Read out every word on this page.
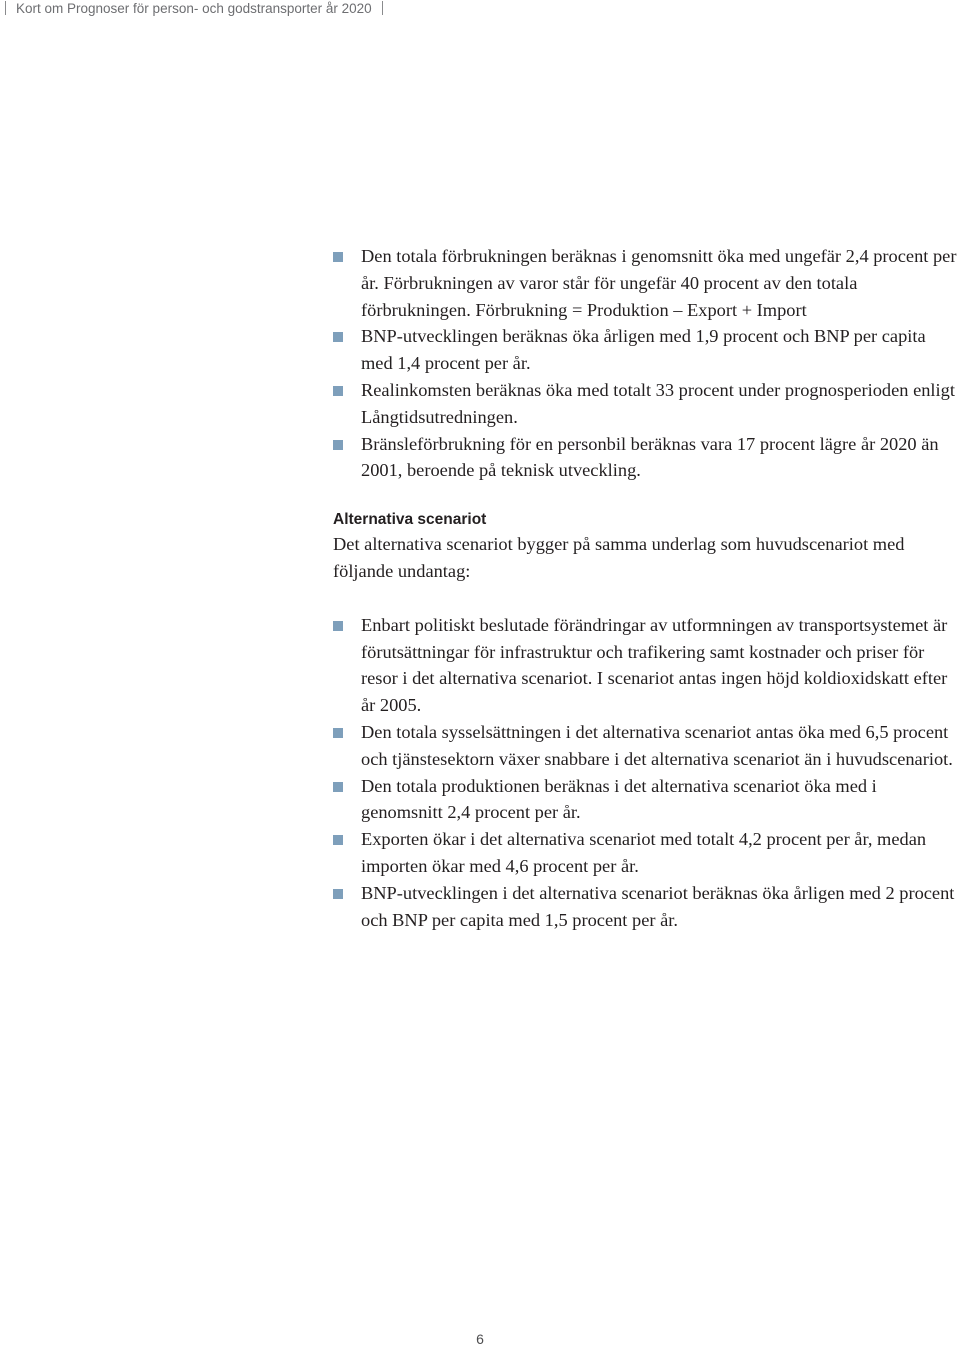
Kort om Prognoser för person- och godstransporter år 2020
Den totala förbrukningen beräknas i genomsnitt öka med ungefär 2,4 procent per år. Förbrukningen av varor står för ungefär 40 procent av den totala förbrukningen. Förbrukning = Produktion – Export + Import
BNP-utvecklingen beräknas öka årligen med 1,9 procent och BNP per capita med 1,4 procent per år.
Realinkomsten beräknas öka med totalt 33 procent under prognosperioden enligt Långtidsutredningen.
Bränsleförbrukning för en personbil beräknas vara 17 procent lägre år 2020 än 2001, beroende på teknisk utveckling.
Alternativa scenariot

Det alternativa scenariot bygger på samma underlag som huvudscenariot med följande undantag:

Enbart politiskt beslutade förändringar av utformningen av transportsystemet är förutsättningar för infrastruktur och trafikering samt kostnader och priser för resor i det alternativa scenariot. I scenariot antas ingen höjd koldioxidskatt efter år 2005.
Den totala sysselsättningen i det alternativa scenariot antas öka med 6,5 procent och tjänstesektorn växer snabbare i det alternativa scenariot än i huvudscenariot.
Den totala produktionen beräknas i det alternativa scenariot öka med i genomsnitt 2,4 procent per år.
Exporten ökar i det alternativa scenariot med totalt 4,2 procent per år, medan importen ökar med 4,6 procent per år.
BNP-utvecklingen i det alternativa scenariot beräknas öka årligen med 2 procent och BNP per capita med 1,5 procent per år.
6
